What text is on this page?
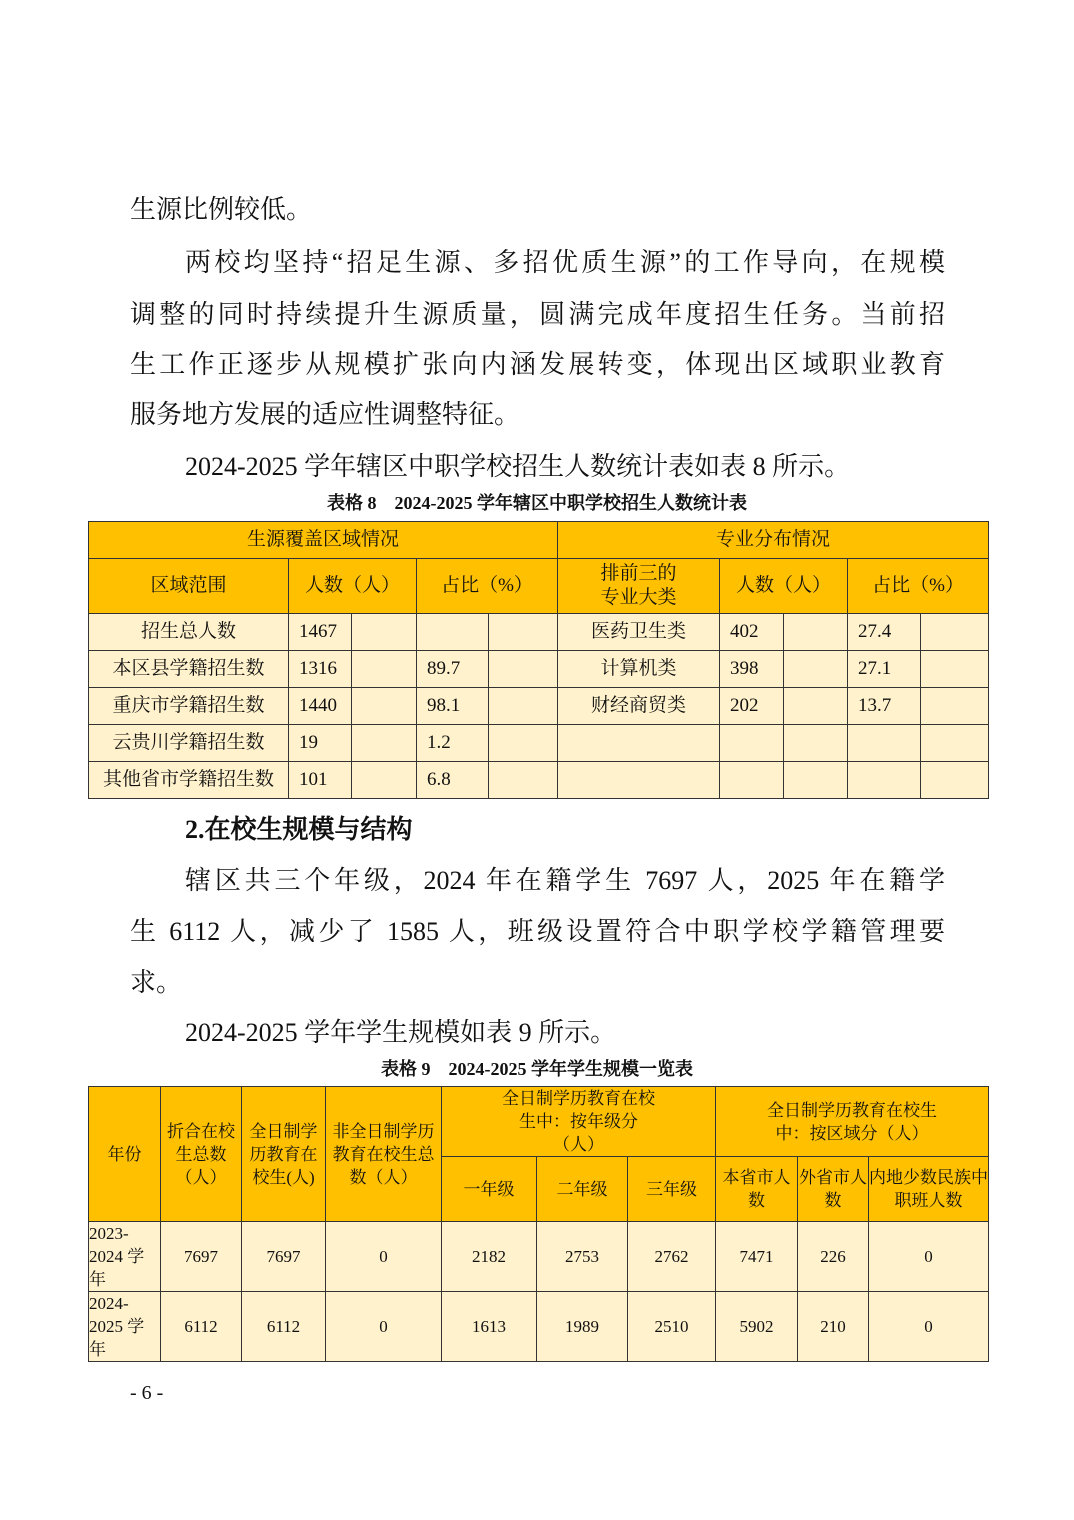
生源比例较低。
两校均坚持“招足生源、多招优质生源”的工作导向，在规模
调整的同时持续提升生源质量，圆满完成年度招生任务。当前招
生工作正逐步从规模扩张向内涵发展转变，体现出区域职业教育
服务地方发展的适应性调整特征。
2024-2025 学年辖区中职学校招生人数统计表如表 8 所示。
表格 8　2024-2025 学年辖区中职学校招生人数统计表
生源覆盖区域情况					专业分布情况				
区域范围	人数（人）		占比（%）		排前三的专业大类	人数（人）		占比（%）	
招生总人数	1467				医药卫生类	402		27.4	
本区县学籍招生数	1316		89.7		计算机类	398		27.1	
重庆市学籍招生数	1440		98.1		财经商贸类	202		13.7	
云贵川学籍招生数	19		1.2						
其他省市学籍招生数	101		6.8						
2.在校生规模与结构
辖区共三个年级，2024 年在籍学生 7697 人，2025 年在籍学
生 6112 人，减少了 1585 人，班级设置符合中职学校学籍管理要
求。
2024-2025 学年学生规模如表 9 所示。
表格 9　2024-2025 学年学生规模一览表
年份	折合在校生总数（人）	全日制学历教育在校生(人)	非全日制学历教育在校生总数（人）	全日制学历教育在校生中：按年级分（人）			全日制学历教育在校生中：按区域分（人）		
				一年级	二年级	三年级	本省市人数	外省市人数	内地少数民族中职班人数
2023-2024 学年	7697	7697	0	2182	2753	2762	7471	226	0
2024-2025 学年	6112	6112	0	1613	1989	2510	5902	210	0
- 6 -
